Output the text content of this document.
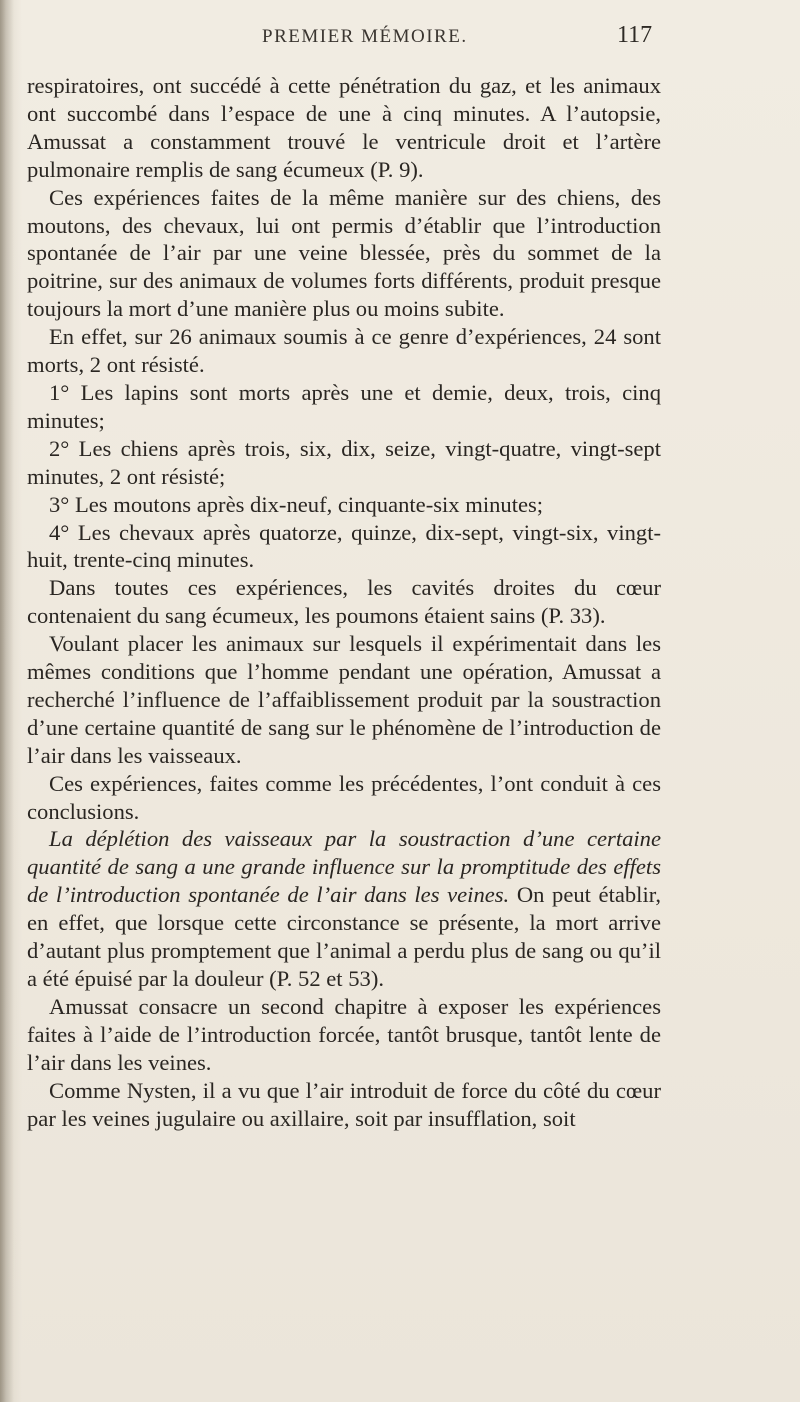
PREMIER MÉMOIRE.	117

respiratoires, ont succédé à cette pénétration du gaz, et les animaux ont succombé dans l’espace de une à cinq minutes. A l’autopsie, Amussat a constamment trouvé le ventricule droit et l’artère pulmonaire remplis de sang écumeux (P. 9).

Ces expériences faites de la même manière sur des chiens, des moutons, des chevaux, lui ont permis d’établir que l’introduction spontanée de l’air par une veine blessée, près du sommet de la poitrine, sur des animaux de volumes forts différents, produit presque toujours la mort d’une manière plus ou moins subite.

En effet, sur 26 animaux soumis à ce genre d’expériences, 24 sont morts, 2 ont résisté.

1° Les lapins sont morts après une et demie, deux, trois, cinq minutes;

2° Les chiens après trois, six, dix, seize, vingt-quatre, vingt-sept minutes, 2 ont résisté;

3° Les moutons après dix-neuf, cinquante-six minutes;

4° Les chevaux après quatorze, quinze, dix-sept, vingt-six, vingt-huit, trente-cinq minutes.

Dans toutes ces expériences, les cavités droites du cœur contenaient du sang écumeux, les poumons étaient sains (P. 33).

Voulant placer les animaux sur lesquels il expérimentait dans les mêmes conditions que l’homme pendant une opération, Amussat a recherché l’influence de l’affaiblissement produit par la soustraction d’une certaine quantité de sang sur le phénomène de l’introduction de l’air dans les vaisseaux.

Ces expériences, faites comme les précédentes, l’ont conduit à ces conclusions.

La déplétion des vaisseaux par la soustraction d’une certaine quantité de sang a une grande influence sur la promptitude des effets de l’introduction spontanée de l’air dans les veines. On peut établir, en effet, que lorsque cette circonstance se présente, la mort arrive d’autant plus promptement que l’animal a perdu plus de sang ou qu’il a été épuisé par la douleur (P. 52 et 53).

Amussat consacre un second chapitre à exposer les expériences faites à l’aide de l’introduction forcée, tantôt brusque, tantôt lente de l’air dans les veines.

Comme Nysten, il a vu que l’air introduit de force du côté du cœur par les veines jugulaire ou axillaire, soit par insufflation, soit
